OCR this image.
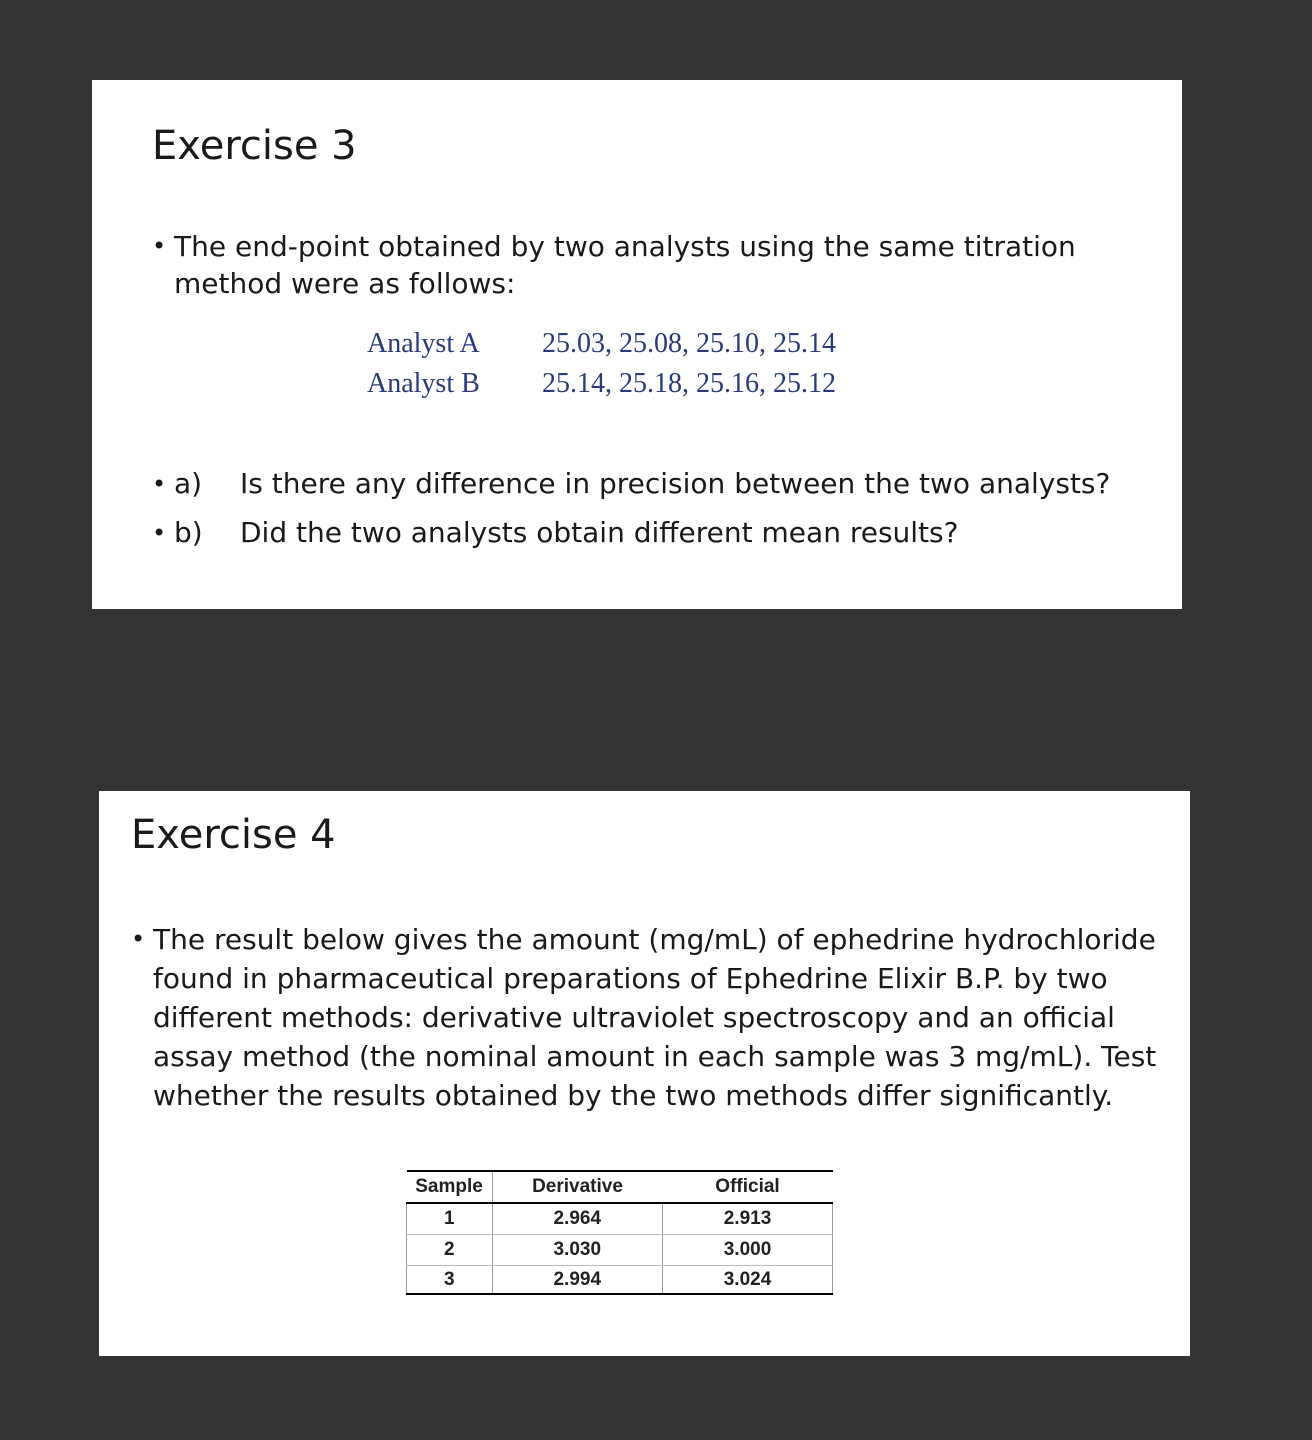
Exercise 3
• The end-point obtained by two analysts using the same titration method were as follows:
Analyst A	25.03, 25.08, 25.10, 25.14
Analyst B	25.14, 25.18, 25.16, 25.12
• a) Is there any difference in precision between the two analysts?
• b) Did the two analysts obtain different mean results?
Exercise 4
• The result below gives the amount (mg/mL) of ephedrine hydrochloride found in pharmaceutical preparations of Ephedrine Elixir B.P. by two different methods: derivative ultraviolet spectroscopy and an official assay method (the nominal amount in each sample was 3 mg/mL). Test whether the results obtained by the two methods differ significantly.
Sample	Derivative	Official
1	2.964	2.913
2	3.030	3.000
3	2.994	3.024
